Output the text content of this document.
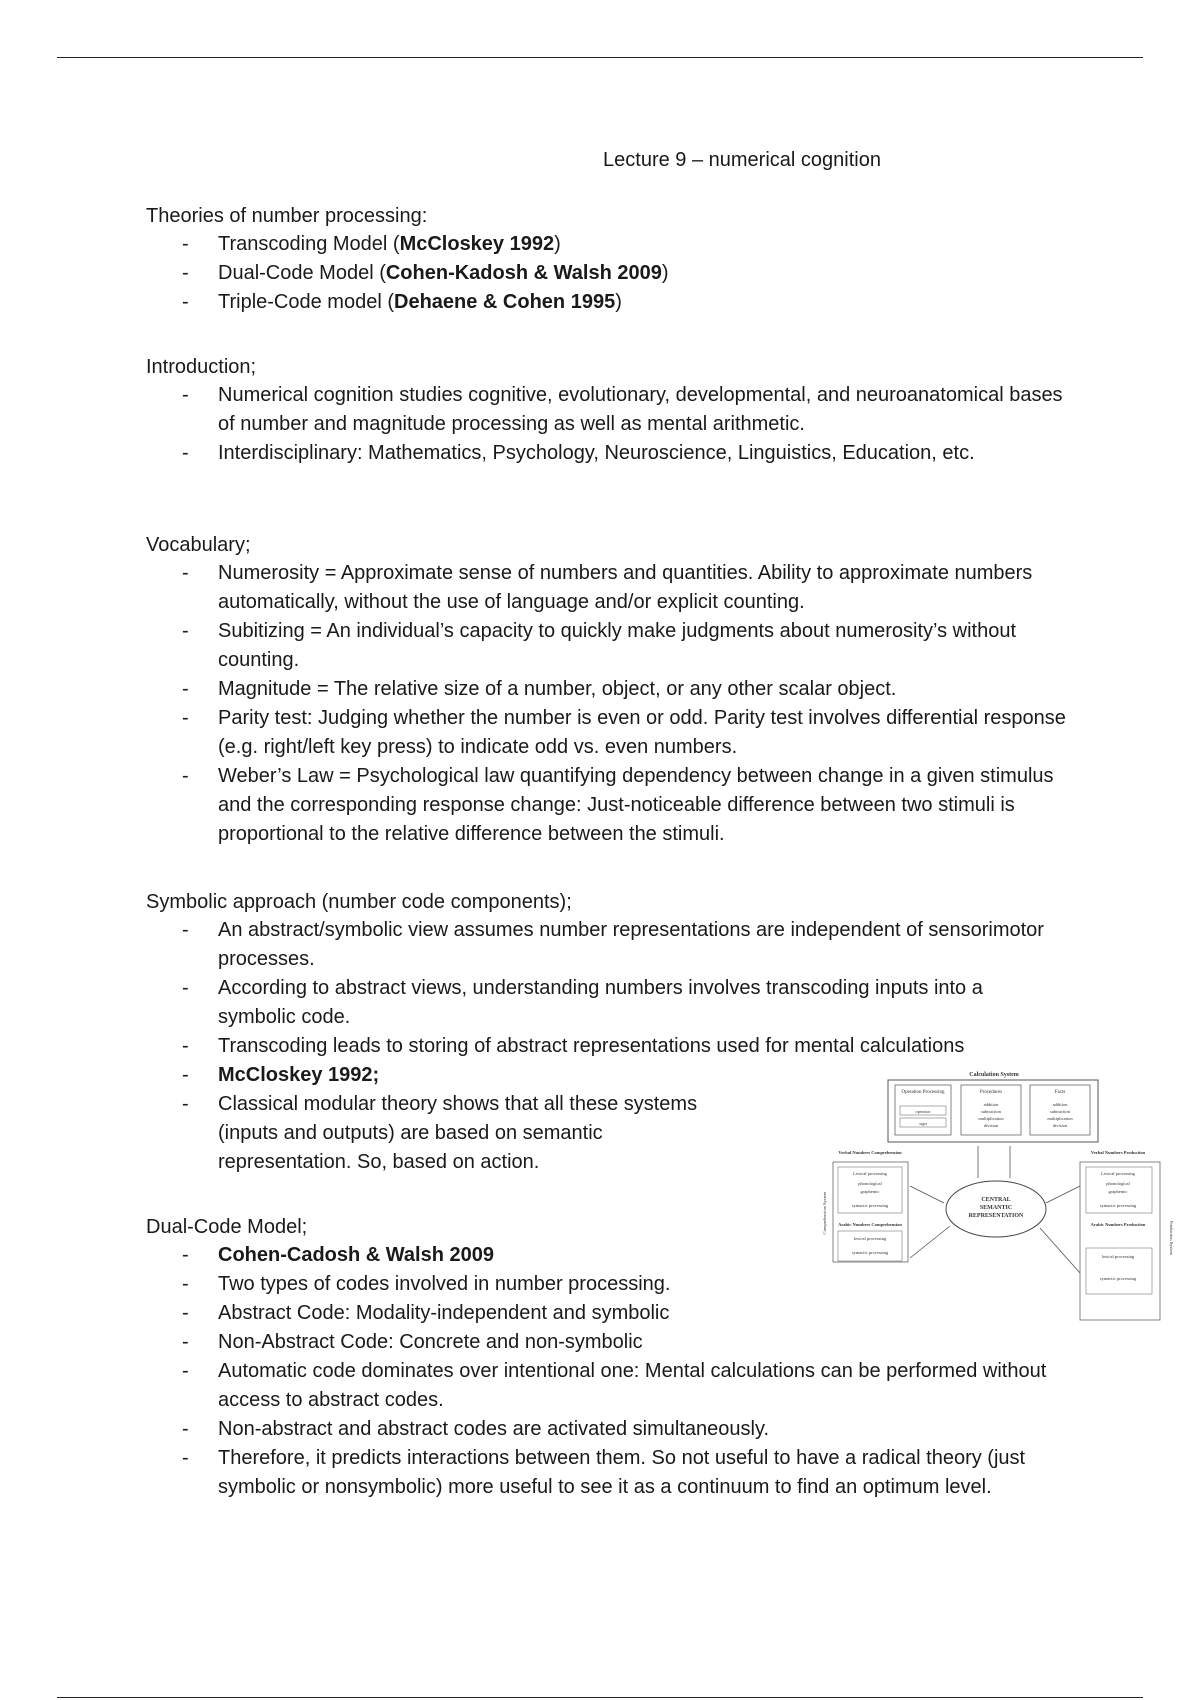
Lecture 9 – numerical cognition
Theories of number processing:
- Transcoding Model (McCloskey 1992)
- Dual-Code Model (Cohen-Kadosh & Walsh 2009)
- Triple-Code model (Dehaene & Cohen 1995)
Introduction;
- Numerical cognition studies cognitive, evolutionary, developmental, and neuroanatomical bases of number and magnitude processing as well as mental arithmetic.
- Interdisciplinary: Mathematics, Psychology, Neuroscience, Linguistics, Education, etc.
Vocabulary;
- Numerosity = Approximate sense of numbers and quantities. Ability to approximate numbers automatically, without the use of language and/or explicit counting.
- Subitizing = An individual’s capacity to quickly make judgments about numerosity’s without counting.
- Magnitude = The relative size of a number, object, or any other scalar object.
- Parity test: Judging whether the number is even or odd. Parity test involves differential response (e.g. right/left key press) to indicate odd vs. even numbers.
- Weber’s Law = Psychological law quantifying dependency between change in a given stimulus and the corresponding response change: Just-noticeable difference between two stimuli is proportional to the relative difference between the stimuli.
Symbolic approach (number code components);
- An abstract/symbolic view assumes number representations are independent of sensorimotor processes.
- According to abstract views, understanding numbers involves transcoding inputs into a symbolic code.
- Transcoding leads to storing of abstract representations used for mental calculations
- McCloskey 1992;
- Classical modular theory shows that all these systems (inputs and outputs) are based on semantic representation. So, based on action.
Dual-Code Model;
- Cohen-Cadosh & Walsh 2009
- Two types of codes involved in number processing.
- Abstract Code: Modality-independent and symbolic
- Non-Abstract Code: Concrete and non-symbolic
- Automatic code dominates over intentional one: Mental calculations can be performed without access to abstract codes.
- Non-abstract and abstract codes are activated simultaneously.
- Therefore, it predicts interactions between them. So not useful to have a radical theory (just symbolic or nonsymbolic) more useful to see it as a continuum to find an optimum level.
Calculation System
Operation Processing	Procedures	Facts
operator
sign
addition
subtraction
multiplication
division
addition
subtraction
multiplication
division
CENTRAL
SEMANTIC
REPRESENTATION
Verbal Numbers Comprehension
Lexical processing
phonological
graphemic
syntactic processing
Arabic Numbers Comprehension
lexical processing
syntactic processing
Verbal Numbers Production
Lexical processing
phonological
graphemic
syntactic processing
Arabic Numbers Production
lexical processing
syntactic processing
Comprehension System
Production System
